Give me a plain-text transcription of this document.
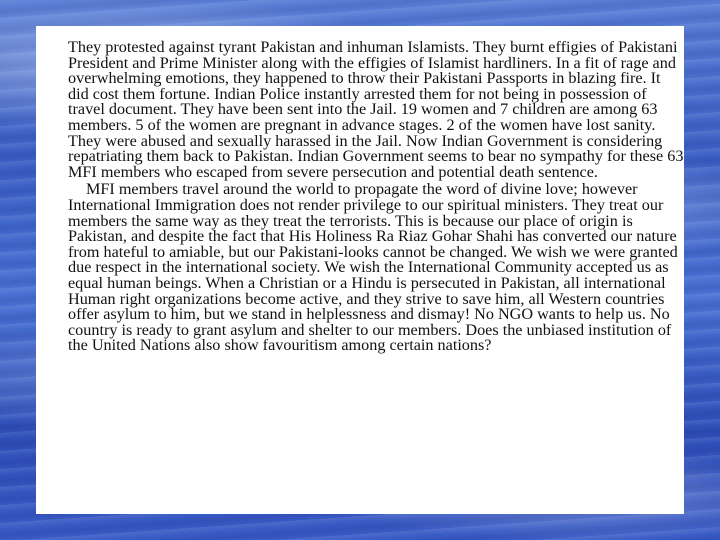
They protested against tyrant Pakistan and inhuman Islamists. They burnt effigies of Pakistani President and Prime Minister along with the effigies of Islamist hardliners. In a fit of rage and overwhelming emotions, they happened to throw their Pakistani Passports in blazing fire. It did cost them fortune. Indian Police instantly arrested them for not being in possession of travel document. They have been sent into the Jail. 19 women and 7 children are among 63 members. 5 of the women are pregnant in advance stages. 2 of the women have lost sanity. They were abused and sexually harassed in the Jail. Now Indian Government is considering repatriating them back to Pakistan. Indian Government seems to bear no sympathy for these 63 MFI members who escaped from severe persecution and potential death sentence.

MFI members travel around the world to propagate the word of divine love; however International Immigration does not render privilege to our spiritual ministers. They treat our members the same way as they treat the terrorists. This is because our place of origin is Pakistan, and despite the fact that His Holiness Ra Riaz Gohar Shahi has converted our nature from hateful to amiable, but our Pakistani-looks cannot be changed. We wish we were granted due respect in the international society. We wish the International Community accepted us as equal human beings. When a Christian or a Hindu is persecuted in Pakistan, all international Human right organizations become active, and they strive to save him, all Western countries offer asylum to him, but we stand in helplessness and dismay! No NGO wants to help us. No country is ready to grant asylum and shelter to our members. Does the unbiased institution of the United Nations also show favouritism among certain nations?
